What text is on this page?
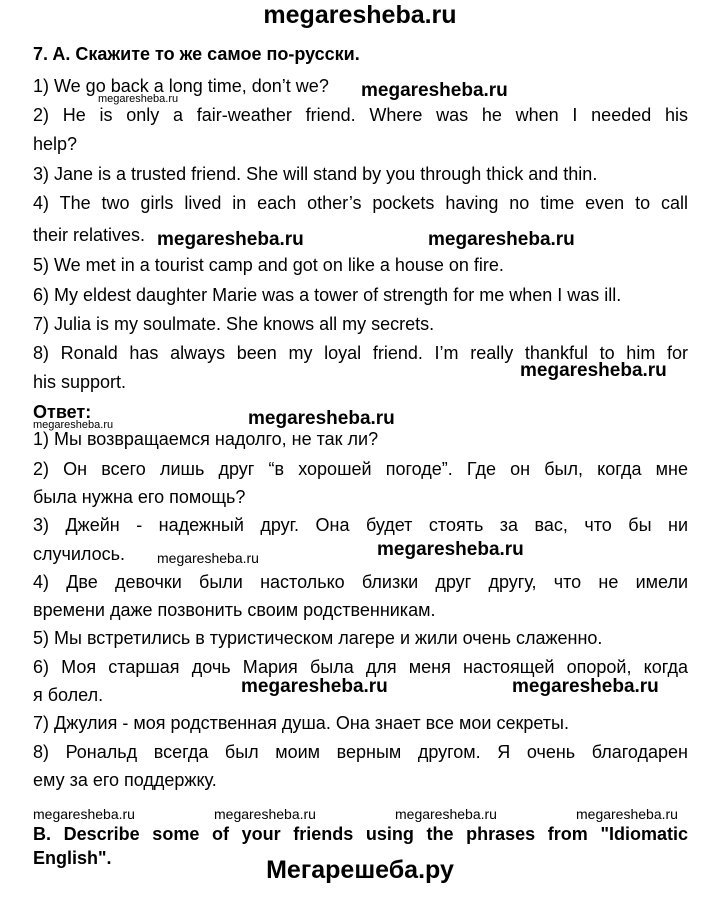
megaresheba.ru
7. A. Скажите то же самое по-русски.
1) We go back a long time, don’t we?
2) He is only a fair-weather friend. Where was he when I needed his
help?
3) Jane is a trusted friend. She will stand by you through thick and thin.
4) The two girls lived in each other’s pockets having no time even to call
their relatives.
5) We met in a tourist camp and got on like a house on fire.
6) My eldest daughter Marie was a tower of strength for me when I was ill.
7) Julia is my soulmate. She knows all my secrets.
8) Ronald has always been my loyal friend. I’m really thankful to him for
his support.
Ответ:
1) Мы возвращаемся надолго, не так ли?
2) Он всего лишь друг “в хорошей погоде”. Где он был, когда мне
была нужна его помощь?
3) Джейн - надежный друг. Она будет стоять за вас, что бы ни
случилось.
4) Две девочки были настолько близки друг другу, что не имели
времени даже позвонить своим родственникам.
5) Мы встретились в туристическом лагере и жили очень слаженно.
6) Моя старшая дочь Мария была для меня настоящей опорой, когда
я болел.
7) Джулия - моя родственная душа. Она знает все мои секреты.
8) Рональд всегда был моим верным другом. Я очень благодарен
ему за его поддержку.
B. Describe some of your friends using the phrases from "Idiomatic
English".
megaresheba.ru
megaresheba.ru
megaresheba.ru	megaresheba.ru
megaresheba.ru
megaresheba.ru
megaresheba.ru
megaresheba.ru	megaresheba.ru
megaresheba.ru	megaresheba.ru
megaresheba.ru	megaresheba.ru	megaresheba.ru	megaresheba.ru
Мегарешеба.ру
